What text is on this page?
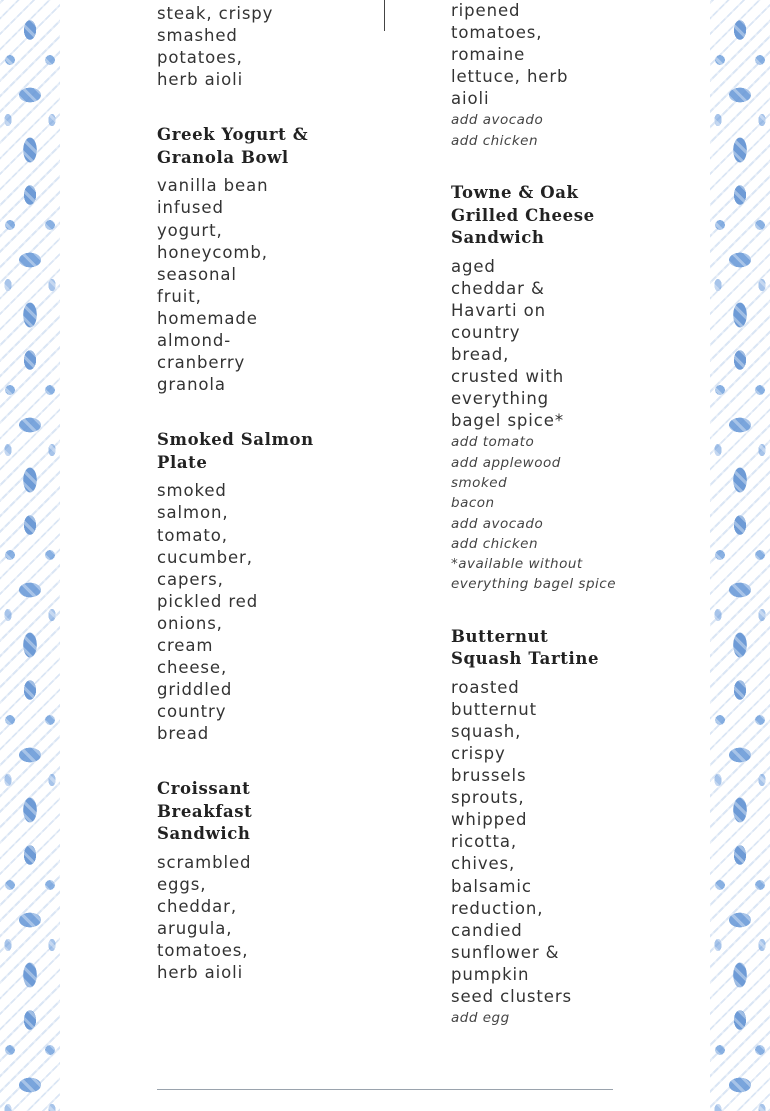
steak, crispy
smashed
potatoes,
herb aioli

Greek Yogurt &
Granola Bowl

vanilla bean
infused
yogurt,
honeycomb,
seasonal
fruit,
homemade
almond-
cranberry
granola

Smoked Salmon
Plate

smoked
salmon,
tomato,
cucumber,
capers,
pickled red
onions,
cream
cheese,
griddled
country
bread

Croissant
Breakfast
Sandwich

scrambled
eggs,
cheddar,
arugula,
tomatoes,
herb aioli

ripened
tomatoes,
romaine
lettuce, herb
aioli

add avocado
add chicken

Towne & Oak
Grilled Cheese
Sandwich

aged
cheddar &
Havarti on
country
bread,
crusted with
everything
bagel spice*

add tomato
add applewood smoked
bacon
add avocado
add chicken
*available without
everything bagel spice

Butternut
Squash Tartine

roasted
butternut
squash,
crispy
brussels
sprouts,
whipped
ricotta,
chives,
balsamic
reduction,
candied
sunflower &
pumpkin
seed clusters

add egg
